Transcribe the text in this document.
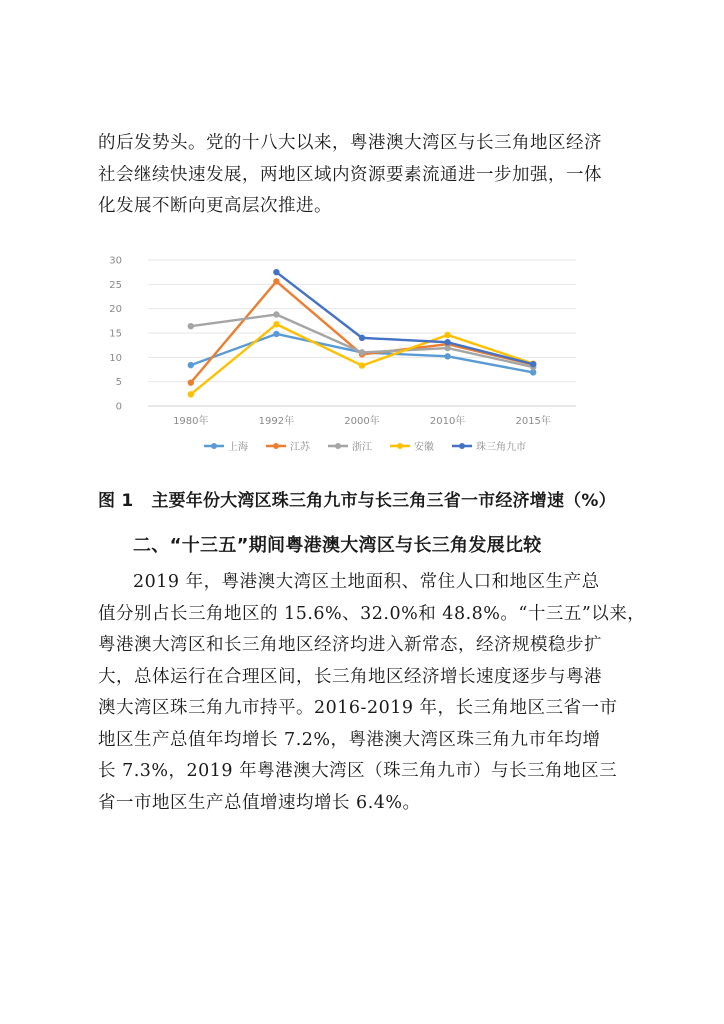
的后发势头。党的十八大以来，粤港澳大湾区与长三角地区经济
社会继续快速发展，两地区域内资源要素流通进一步加强，一体
化发展不断向更高层次推进。
0
5
10
15
20
25
30
1980年	1992年	2000年	2010年	2015年
上海	江苏	浙江	安徽	珠三角九市
图 1 主要年份大湾区珠三角九市与长三角三省一市经济增速（%）
二、“十三五”期间粤港澳大湾区与长三角发展比较
2019 年，粤港澳大湾区土地面积、常住人口和地区生产总
值分别占长三角地区的 15.6%、32.0%和 48.8%。“十三五”以来，
粤港澳大湾区和长三角地区经济均进入新常态，经济规模稳步扩
大，总体运行在合理区间，长三角地区经济增长速度逐步与粤港
澳大湾区珠三角九市持平。2016-2019 年，长三角地区三省一市
地区生产总值年均增长 7.2%，粤港澳大湾区珠三角九市年均增
长 7.3%，2019 年粤港澳大湾区（珠三角九市）与长三角地区三
省一市地区生产总值增速均增长 6.4%。
